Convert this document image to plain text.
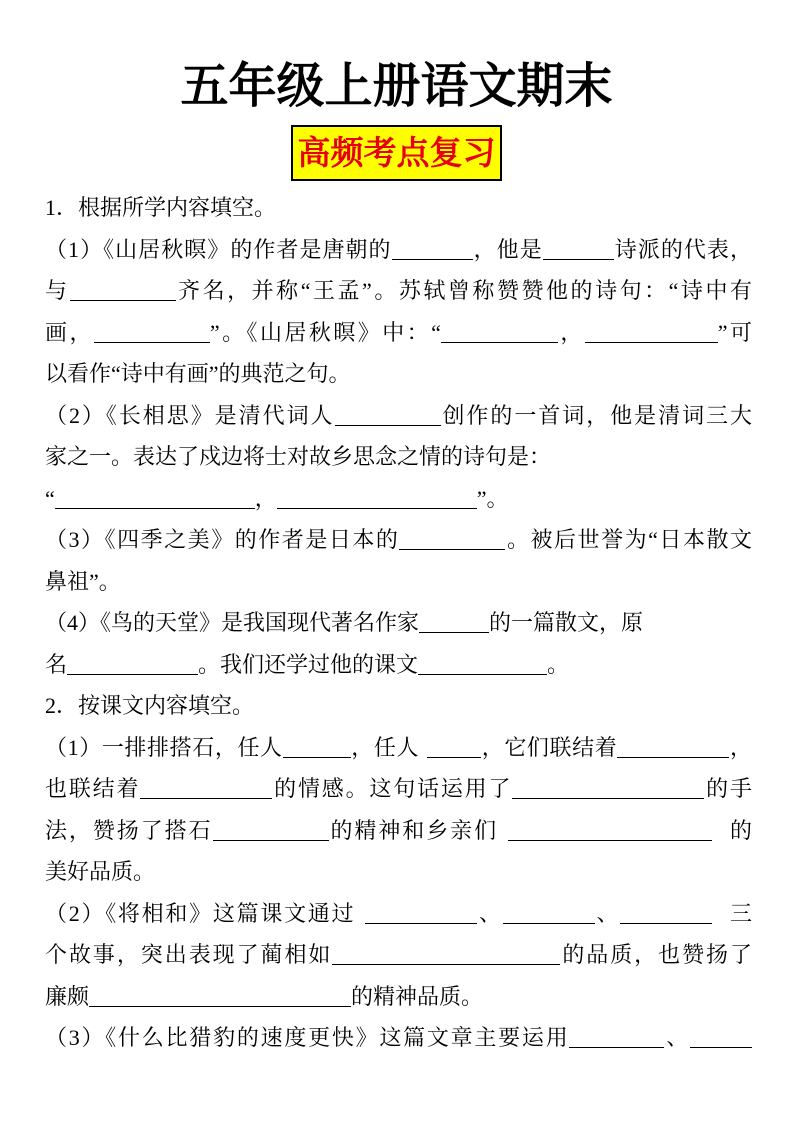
五年级上册语文期末
高频考点复习
1．根据所学内容填空。
（1）《山居秋暝》的作者是唐朝的	，他是	诗派的代表，
与	齐名，并称“王孟”。苏轼曾称赞赞他的诗句：“诗中有
画，	”。《山居秋暝》中：“	，	”可
以看作“诗中有画”的典范之句。
（2）《长相思》是清代词人	创作的一首词，他是清词三大
家之一。表达了戍边将士对故乡思念之情的诗句是：
“	，	”。
（3）《四季之美》的作者是日本的	。被后世誉为“日本散文
鼻祖”。
（4）《鸟的天堂》是我国现代著名作家	的一篇散文，原
名	。我们还学过他的课文	。
2．按课文内容填空。
（1）一排排搭石，任人	，任人	，它们联结着	，
也联结着	的情感。这句话运用了	的手
法，赞扬了搭石	的精神和乡亲们	的
美好品质。
（2）《将相和》这篇课文通过	、	、	三
个故事，突出表现了蔺相如	的品质，也赞扬了
廉颇	的精神品质。
（3）《什么比猎豹的速度更快》这篇文章主要运用	、
